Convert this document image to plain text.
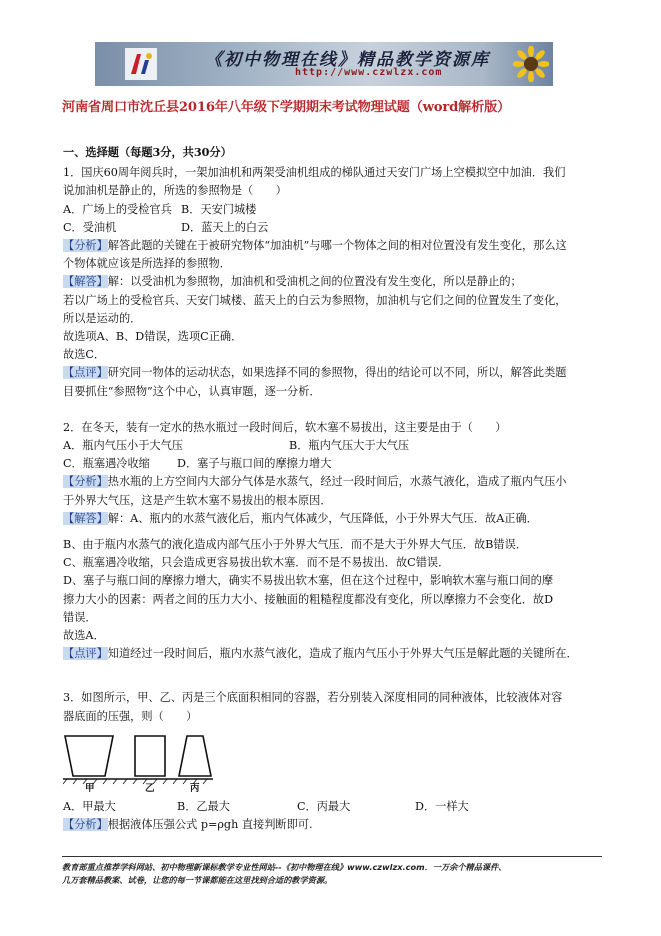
《初中物理在线》精品教学资源库
http://www.czwlzx.com
河南省周口市沈丘县2016年八年级下学期期末考试物理试题（word解析版）
一、选择题（每题3分，共30分）
1．国庆60周年阅兵时，一架加油机和两架受油机组成的梯队通过天安门广场上空模拟空中加油．我们
说加油机是静止的，所选的参照物是（　　）
A．广场上的受检官兵 B．天安门城楼
C．受油机	D．蓝天上的白云
【分析】解答此题的关键在于被研究物体“加油机”与哪一个物体之间的相对位置没有发生变化，那么这
个物体就应该是所选择的参照物．
【解答】解：以受油机为参照物，加油机和受油机之间的位置没有发生变化，所以是静止的；
若以广场上的受检官兵、天安门城楼、蓝天上的白云为参照物，加油机与它们之间的位置发生了变化，
所以是运动的．
故选项A、B、D错误，选项C正确．
故选C．
【点评】研究同一物体的运动状态，如果选择不同的参照物，得出的结论可以不同，所以，解答此类题
目要抓住“参照物”这个中心，认真审题，逐一分析．
2．在冬天，装有一定水的热水瓶过一段时间后，软木塞不易拔出，这主要是由于（　　）
A．瓶内气压小于大气压	B．瓶内气压大于大气压
C．瓶塞遇冷收缩	D．塞子与瓶口间的摩擦力增大
【分析】热水瓶的上方空间内大部分气体是水蒸气，经过一段时间后，水蒸气液化，造成了瓶内气压小
于外界大气压，这是产生软木塞不易拔出的根本原因．
【解答】解：A、瓶内的水蒸气液化后，瓶内气体减少，气压降低，小于外界大气压．故A正确．
B、由于瓶内水蒸气的液化造成内部气压小于外界大气压．而不是大于外界大气压．故B错误．
C、瓶塞遇冷收缩，只会造成更容易拔出软木塞．而不是不易拔出．故C错误．
D、塞子与瓶口间的摩擦力增大，确实不易拔出软木塞，但在这个过程中，影响软木塞与瓶口间的摩
擦力大小的因素：两者之间的压力大小、接触面的粗糙程度都没有变化，所以摩擦力不会变化．故D
错误．
故选A．
【点评】知道经过一段时间后，瓶内水蒸气液化，造成了瓶内气压小于外界大气压是解此题的关键所在．
3．如图所示，甲、乙、丙是三个底面积相同的容器，若分别装入深度相同的同种液体，比较液体对容
器底面的压强，则（　　）
甲	乙	丙
A．甲最大	B．乙最大	C．丙最大	D．一样大
【分析】根据液体压强公式 p=ρgh 直接判断即可.
教育部重点推荐学科网站、初中物理新课标教学专业性网站--《初中物理在线》www.czwlzx.com．一万余个精品课件、
几万套精品教案、试卷，让您的每一节课都能在这里找到合适的教学资源。
